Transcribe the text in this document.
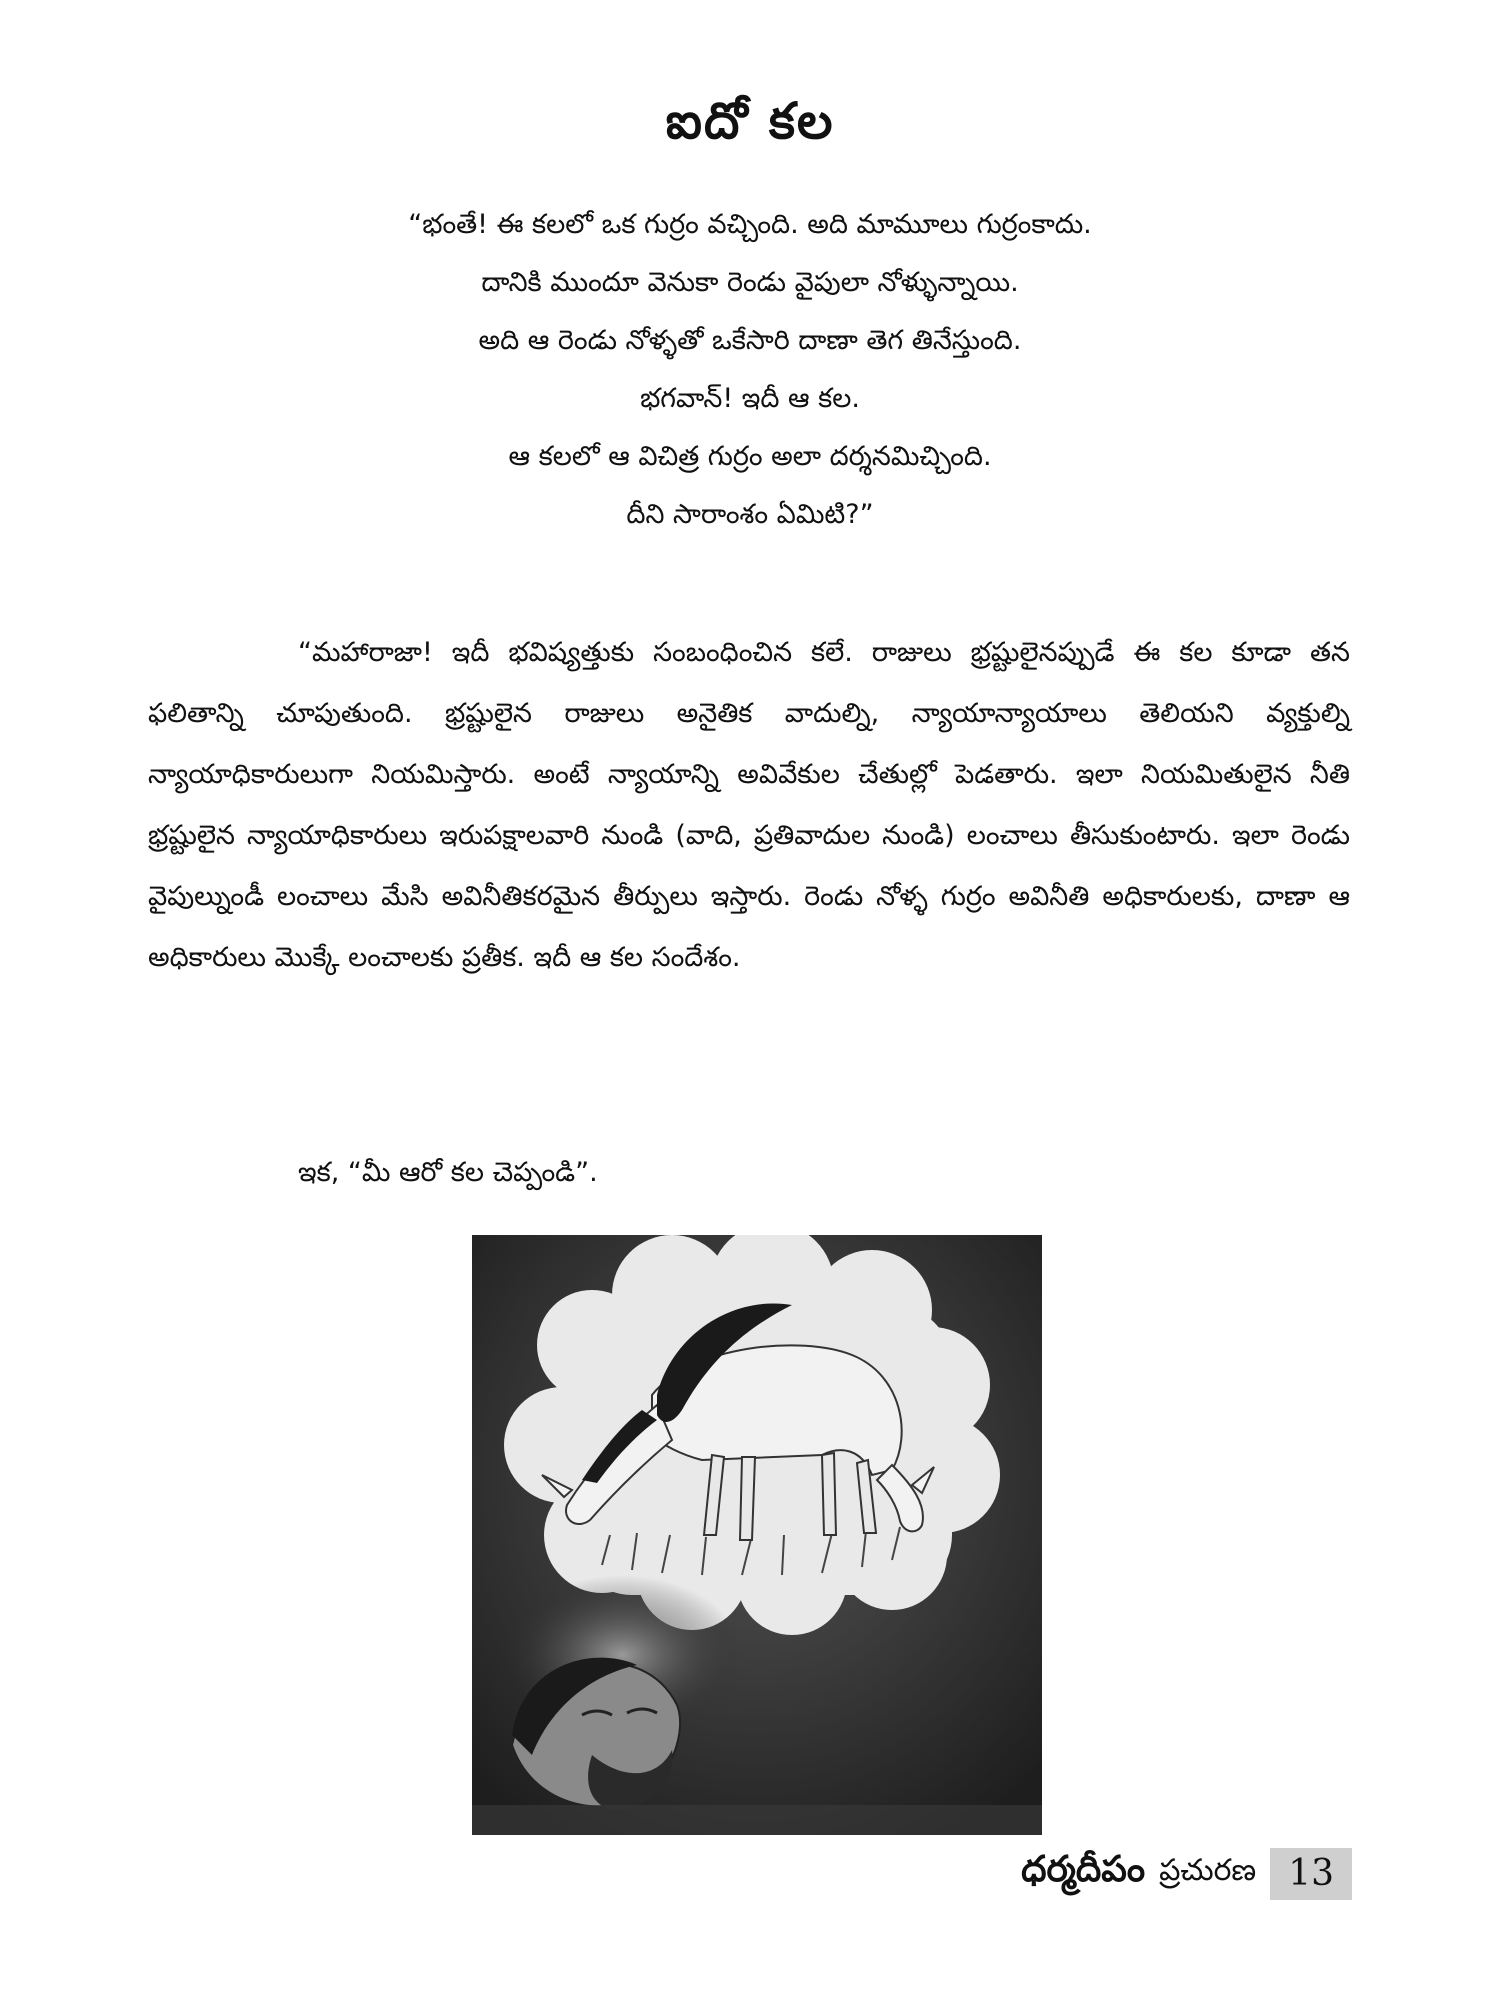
ఐదో కల
“భంతే! ఈ కలలో ఒక గుర్రం వచ్చింది. అది మామూలు గుర్రంకాదు.
దానికి ముందూ వెనుకా రెండు వైపులా నోళ్ళున్నాయి.
అది ఆ రెండు నోళ్ళతో ఒకేసారి దాణా తెగ తినేస్తుంది.
భగవాన్! ఇదీ ఆ కల.
ఆ కలలో ఆ విచిత్ర గుర్రం అలా దర్శనమిచ్చింది.
దీని సారాంశం ఏమిటి?”
“మహారాజా! ఇదీ భవిష్యత్తుకు సంబంధించిన కలే. రాజులు భ్రష్టులైనప్పుడే ఈ కల కూడా తన ఫలితాన్ని చూపుతుంది. భ్రష్టులైన రాజులు అనైతిక వాదుల్ని, న్యాయాన్యాయాలు తెలియని వ్యక్తుల్ని న్యాయాధికారులుగా నియమిస్తారు. అంటే న్యాయాన్ని అవివేకుల చేతుల్లో పెడతారు. ఇలా నియమితులైన నీతి భ్రష్టులైన న్యాయాధికారులు ఇరుపక్షాలవారి నుండి (వాది, ప్రతివాదుల నుండి) లంచాలు తీసుకుంటారు. ఇలా రెండు వైపుల్నుండీ లంచాలు మేసి అవినీతికరమైన తీర్పులు ఇస్తారు. రెండు నోళ్ళ గుర్రం అవినీతి అధికారులకు, దాణా ఆ అధికారులు మొక్కే లంచాలకు ప్రతీక. ఇదీ ఆ కల సందేశం.
ఇక, “మీ ఆరో కల చెప్పండి”.
ధర్మదీపం ప్రచురణ 13
